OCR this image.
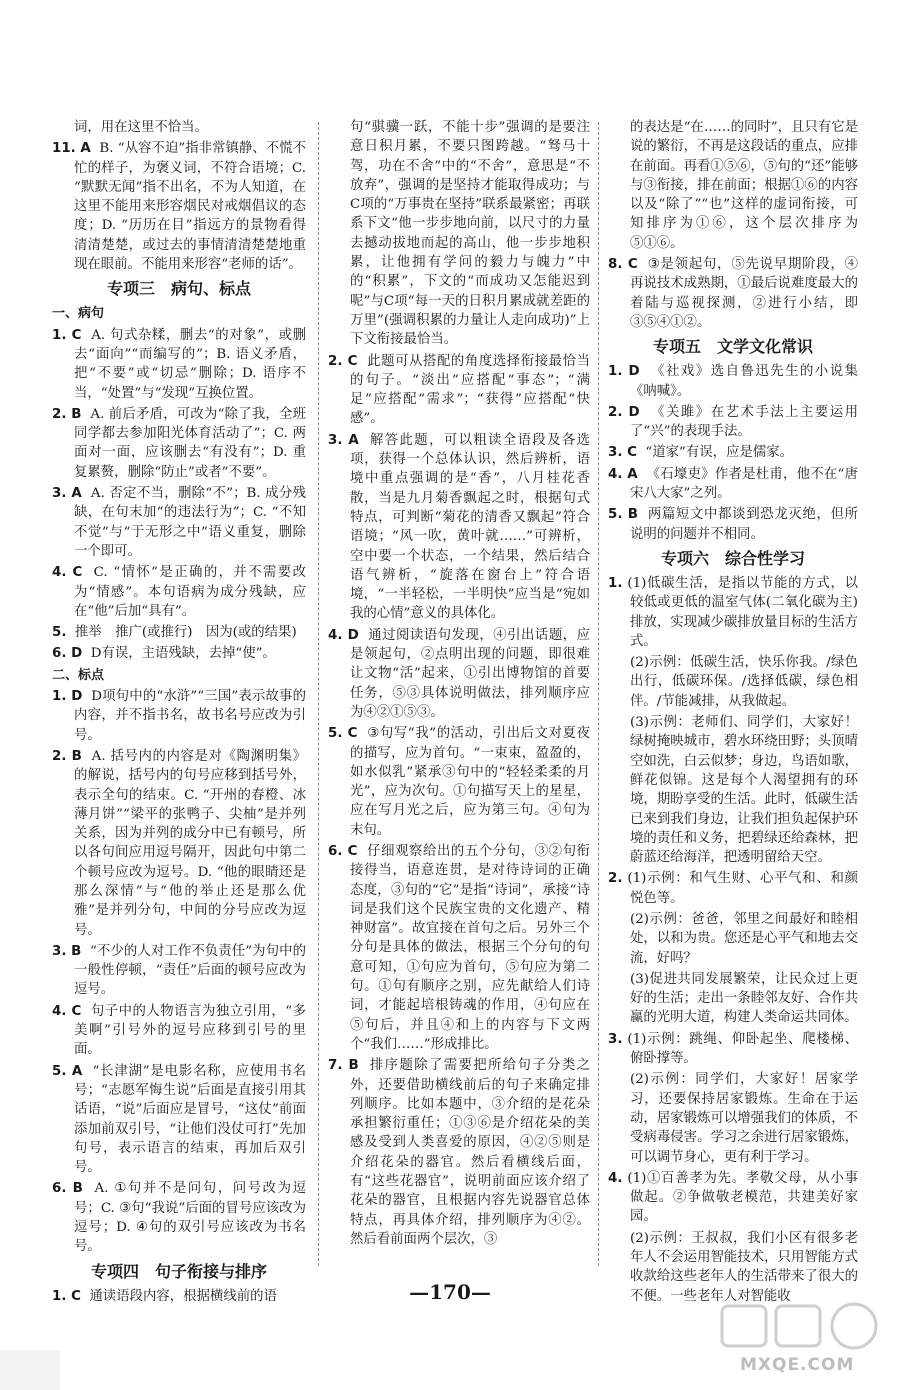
词，用在这里不恰当。

11. A B. “从容不迫”指非常镇静、不慌不忙的样子，为褒义词，不符合语境；C. “默默无闻”指不出名，不为人知道，在这里不能用来形容烟民对戒烟倡议的态度；D. “历历在目”指远方的景物看得清清楚楚，或过去的事情清清楚楚地重现在眼前。不能用来形容“老师的话”。

专项三　病句、标点
一、病句

1. C A. 句式杂糅，删去“的对象”，或删去“面向”“而编写的”；B. 语义矛盾，把“不要”或“切忌”删除；D. 语序不当，“处置”与“发现”互换位置。

2. B A. 前后矛盾，可改为“除了我，全班同学都去参加阳光体育活动了”；C. 两面对一面，应该删去“有没有”；D. 重复累赘，删除“防止”或者“不要”。

3. A A. 否定不当，删除“不”；B. 成分残缺，在句末加“的违法行为”；C. “不知不觉”与“于无形之中”语义重复，删除一个即可。

4. C C. “情怀”是正确的，并不需要改为“情感”。本句语病为成分残缺，应在“他”后加“具有”。

5. 推举　推广(或推行)　因为(或的结果)

6. D D有误，主语残缺，去掉“使”。

二、标点

1. D D项句中的“水浒”“三国”表示故事的内容，并不指书名，故书名号应改为引号。

2. B A. 括号内的内容是对《陶渊明集》的解说，括号内的句号应移到括号外，表示全句的结束。C. “开州的春橙、冰薄月饼”“梁平的张鸭子、尖柚”是并列关系，因为并列的成分中已有顿号，所以各句间应用逗号隔开，因此句中第二个顿号应改为逗号。D. “他的眼睛还是那么深情”与“他的举止还是那么优雅”是并列分句，中间的分号应改为逗号。

3. B “不少的人对工作不负责任”为句中的一般性停顿，“责任”后面的顿号应改为逗号。

4. C 句子中的人物语言为独立引用，“多美啊”引号外的逗号应移到引号的里面。

5. A “长津湖”是电影名称，应使用书名号；“志愿军悔生说”后面是直接引用其话语，“说”后面应是冒号，“这仗”前面添加前双引号，“让他们没仗可打”先加句号，表示语言的结束，再加后双引号。

6. B A. ①句并不是问句，问号改为逗号；C. ③句“我说”后面的冒号应该改为逗号；D. ④句的双引号应该改为书名号。

专项四　句子衔接与排序

1. C 通读语段内容，根据横线前的语

句“骐骥一跃，不能十步”强调的是要注意日积月累，不要只图跨越。“驽马十驾，功在不舍”中的“不舍”，意思是“不放弃”，强调的是坚持才能取得成功；与C项的“万事贵在坚持”联系最紧密；再联系下文“他一步步地向前，以尺寸的力量去撼动拔地而起的高山，他一步步地积累，让他拥有学问的毅力与魄力”中的“积累”，下文的“而成功又怎能迟到呢”与C项“每一天的日积月累成就差距的万里”(强调积累的力量让人走向成功)”上下文衔接最恰当。

2. C 此题可从搭配的角度选择衔接最恰当的句子。“淡出”应搭配“事态”；“满足”应搭配“需求”；“获得”应搭配“快感”。

3. A 解答此题，可以粗读全语段及各选项，获得一个总体认识，然后辨析，语境中重点强调的是“香”，八月桂花香散，当是九月菊香飘起之时，根据句式特点，可判断“菊花的清香又飘起”符合语境；“风一吹，黄叶就……”可辨析，空中要一个状态，一个结果，然后结合语气辨析，“旋落在窗台上”符合语境，“一半轻松，一半明快”应当是“宛如我的心情”意义的具体化。

4. D 通过阅读语句发现，④引出话题，应是领起句，②点明出现的问题，即很难让文物“活”起来，①引出博物馆的首要任务，⑤③具体说明做法，排列顺序应为④②①⑤③。

5. C ③句写“我”的活动，引出后文对夏夜的描写，应为首句。“一束束，盈盈的，如水似乳”紧承③句中的“轻轻柔柔的月光”，应为次句。①句描写天上的星星，应在写月光之后，应为第三句。④句为末句。

6. C 仔细观察给出的五个分句，③②句衔接得当，语意连贯，是对待诗词的正确态度，③句的“它”是指“诗词”，承接“诗词是我们这个民族宝贵的文化遗产、精神财富”。故宜接在首句之后。另外三个分句是具体的做法，根据三个分句的句意可知，①句应为首句，⑤句应为第二句。①句有顺序之别，应先献给人们诗词，才能起培根铸魂的作用，④句应在⑤句后，并且④和上的内容与下文两个“我们……”形成排比。

7. B 排序题除了需要把所给句子分类之外，还要借助横线前后的句子来确定排列顺序。比如本题中，③介绍的是花朵承担繁衍重任；①③⑥是介绍花朵的美感及受到人类喜爱的原因，④②⑤则是介绍花朵的器官。然后看横线后面，有“这些花器官”，说明前面应该介绍了花朵的器官，且根据内容先说器官总体特点，再具体介绍，排列顺序为④②。然后看前面两个层次，③

的表达是“在……的同时”，且只有它是说的繁衍，不再是这段话的重点，应排在前面。再看①⑤⑥，⑤句的“还”能够与③衔接，排在前面；根据①⑥的内容以及“除了”“也”这样的虚词衔接，可知排序为①⑥，这个层次排序为⑤①⑥。

8. C ③是领起句，⑤先说早期阶段，④再说技术成熟期，①最后说难度最大的着陆与巡视探测，②进行小结，即③⑤④①②。

专项五　文学文化常识

1. D 《社戏》选自鲁迅先生的小说集《呐喊》。

2. D 《关雎》在艺术手法上主要运用了“兴”的表现手法。

3. C “道家”有误，应是儒家。

4. A 《石壕吏》作者是杜甫，他不在“唐宋八大家”之列。

5. B 两篇短文中都谈到恐龙灭绝，但所说明的问题并不相同。

专项六　综合性学习

1. (1)低碳生活，是指以节能的方式，以较低或更低的温室气体(二氧化碳为主)排放，实现减少碳排放量目标的生活方式。

(2)示例：低碳生活，快乐你我。/绿色出行，低碳环保。/选择低碳，绿色相伴。/节能减排，从我做起。

(3)示例：老师们、同学们，大家好！绿树掩映城市，碧水环绕田野；头顶晴空如洗，白云似梦；身边，鸟语如歌，鲜花似锦。这是每个人渴望拥有的环境，期盼享受的生活。此时，低碳生活已来到我们身边，让我们担负起保护环境的责任和义务，把碧绿还给森林，把蔚蓝还给海洋，把透明留给天空。

2. (1)示例：和气生财、心平气和、和颜悦色等。

(2)示例：爸爸，邻里之间最好和睦相处，以和为贵。您还是心平气和地去交流，好吗？

(3)促进共同发展繁荣，让民众过上更好的生活；走出一条睦邻友好、合作共赢的光明大道，构建人类命运共同体。

3. (1)示例：跳绳、仰卧起坐、爬楼梯、俯卧撑等。

(2)示例：同学们，大家好！居家学习，还要保持居家锻炼。生命在于运动，居家锻炼可以增强我们的体质，不受病毒侵害。学习之余进行居家锻炼，可以调节身心，更有利于学习。

4. (1)①百善孝为先。孝敬父母，从小事做起。②争做敬老模范，共建美好家园。

(2)示例：王叔叔，我们小区有很多老年人不会运用智能技术，只用智能方式收款给这些老年人的生活带来了很大的不便。一些老年人对智能收

—170—
MXQE.COM
